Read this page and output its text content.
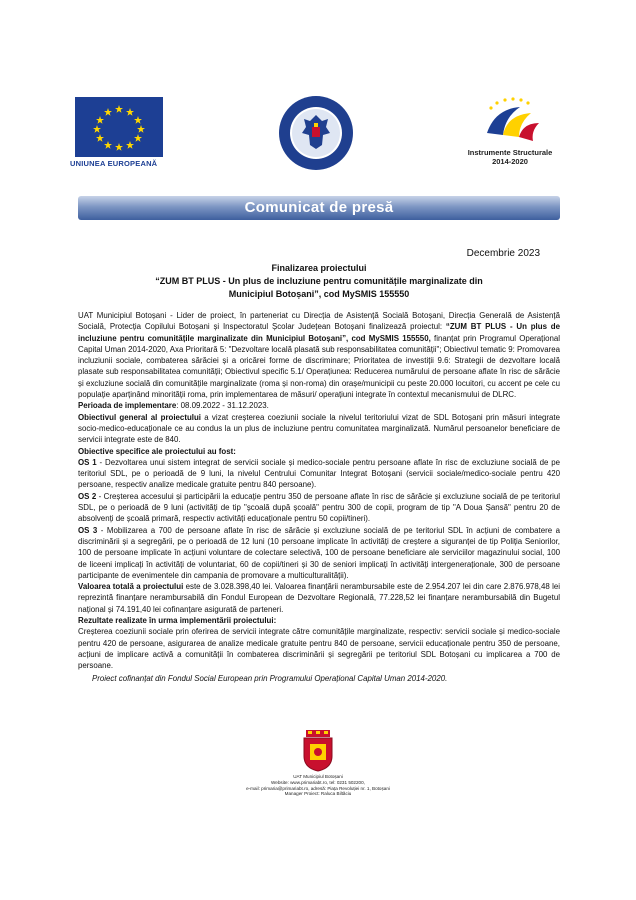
UNIUNEA EUROPEANĂ
Instrumente Structurale
2014-2020
Comunicat de presă
Decembrie 2023
Finalizarea proiectului
“ZUM BT PLUS - Un plus de incluziune pentru comunitățile marginalizate din
Municipiul Botoșani”, cod MySMIS 155550

UAT Municipiul Botoșani - Lider de proiect, în parteneriat cu Direcția de Asistență Socială Botoșani, Direcția Generală de Asistență Socială, Protecția Copilului Botoșani și Inspectoratul Școlar Județean Botoșani finalizează proiectul: “ZUM BT PLUS - Un plus de incluziune pentru comunitățile marginalizate din Municipiul Botoșani”, cod MySMIS 155550, finanțat prin Programul Operațional Capital Uman 2014-2020, Axa Prioritară 5: "Dezvoltare locală plasată sub responsabilitatea comunității"; Obiectivul tematic 9: Promovarea incluziunii sociale, combaterea sărăciei și a oricărei forme de discriminare; Prioritatea de investiții 9.6: Strategii de dezvoltare locală plasate sub responsabilitatea comunității; Obiectivul specific 5.1/ Operațiunea: Reducerea numărului de persoane aflate în risc de sărăcie și excluziune socială din comunitățile marginalizate (roma și non-roma) din orașe/municipii cu peste 20.000 locuitori, cu accent pe cele cu populație aparținând minorității roma, prin implementarea de măsuri/ operațiuni integrate în contextul mecanismului de DLRC.

Perioada de implementare: 08.09.2022 - 31.12.2023.

Obiectivul general al proiectului a vizat creșterea coeziunii sociale la nivelul teritoriului vizat de SDL Botoșani prin măsuri integrate socio-medico-educaționale ce au condus la un plus de incluziune pentru comunitatea marginalizată. Numărul persoanelor beneficiare de servicii integrate este de 840.

Obiective specifice ale proiectului au fost:

OS 1 - Dezvoltarea unui sistem integrat de servicii sociale și medico-sociale pentru persoane aflate în risc de excluziune socială de pe teritoriul SDL, pe o perioadă de 9 luni, la nivelul Centrului Comunitar Integrat Botoșani (servicii sociale/medico-sociale pentru 420 persoane, respectiv analize medicale gratuite pentru 840 persoane).

OS 2 - Creșterea accesului și participării la educație pentru 350 de persoane aflate în risc de sărăcie și excluziune socială de pe teritoriul SDL, pe o perioadă de 9 luni (activități de tip "școală după școală" pentru 300 de copii, program de tip "A Doua Șansă" pentru 20 de absolvenți de școală primară, respectiv activități educaționale pentru 50 copii/tineri).

OS 3 - Mobilizarea a 700 de persoane aflate în risc de sărăcie și excluziune socială de pe teritoriul SDL în acțiuni de combatere a discriminării și a segregării, pe o perioadă de 12 luni (10 persoane implicate în activități de creștere a siguranței de tip Poliția Seniorilor, 100 de persoane implicate în acțiuni voluntare de colectare selectivă, 100 de persoane beneficiare ale serviciilor magazinului social, 100 de liceeni implicați în activități de voluntariat, 60 de copii/tineri și 30 de seniori implicați în activități intergeneraționale, 300 de persoane participante de evenimentele din campania de promovare a multiculturalității).

Valoarea totală a proiectului este de 3.028.398,40 lei. Valoarea finanțării nerambursabile este de 2.954.207 lei din care 2.876.978,48 lei reprezintă finanțare nerambursabilă din Fondul European de Dezvoltare Regională, 77.228,52 lei finanțare nerambursabilă din Bugetul național și 74.191,40 lei cofinanțare asigurată de parteneri.

Rezultate realizate în urma implementării proiectului:

Creșterea coeziunii sociale prin oferirea de servicii integrate către comunitățile marginalizate, respectiv: servicii sociale și medico-sociale pentru 420 de persoane, asigurarea de analize medicale gratuite pentru 840 de persoane, servicii educaționale pentru 350 de persoane, acțiuni de implicare activă a comunității în combaterea discriminării și segregării pe teritoriul SDL Botoșani cu implicarea a 700 de persoane.

Proiect cofinanțat din Fondul Social European prin Programului Operațional Capital Uman 2014-2020.

UAT Municipiul Botoșani
Website: www.primariabt.ro, tel: 0231 502200,
e-mail: primaria@primariabt.ro, adresă: Piața Revoluției nr. 1, Botoșani
Manager Proiect: Raluca Biltăciu
